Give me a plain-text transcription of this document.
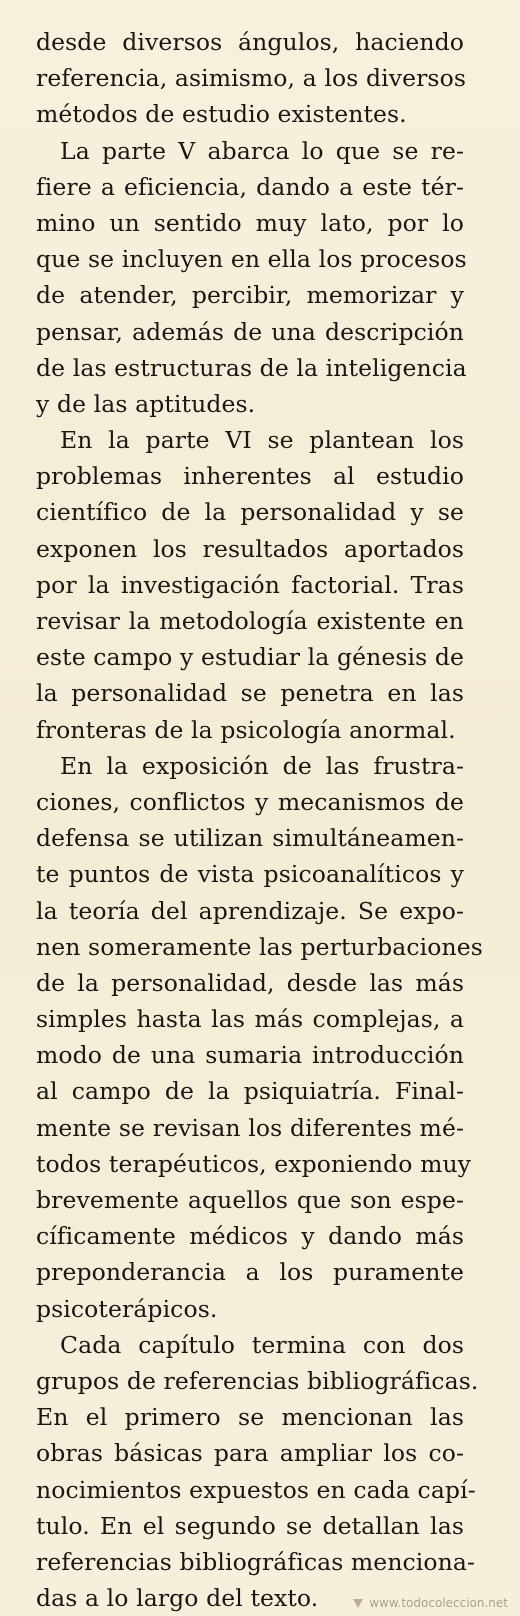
desde diversos ángulos, haciendo
referencia, asimismo, a los diversos
métodos de estudio existentes.
La parte V abarca lo que se re-
fiere a eficiencia, dando a este tér-
mino un sentido muy lato, por lo
que se incluyen en ella los procesos
de atender, percibir, memorizar y
pensar, además de una descripción
de las estructuras de la inteligencia
y de las aptitudes.
En la parte VI se plantean los
problemas inherentes al estudio
científico de la personalidad y se
exponen los resultados aportados
por la investigación factorial. Tras
revisar la metodología existente en
este campo y estudiar la génesis de
la personalidad se penetra en las
fronteras de la psicología anormal.
En la exposición de las frustra-
ciones, conflictos y mecanismos de
defensa se utilizan simultáneamen-
te puntos de vista psicoanalíticos y
la teoría del aprendizaje. Se expo-
nen someramente las perturbaciones
de la personalidad, desde las más
simples hasta las más complejas, a
modo de una sumaria introducción
al campo de la psiquiatría. Final-
mente se revisan los diferentes mé-
todos terapéuticos, exponiendo muy
brevemente aquellos que son espe-
cíficamente médicos y dando más
preponderancia a los puramente
psicoterápicos.
Cada capítulo termina con dos
grupos de referencias bibliográficas.
En el primero se mencionan las
obras básicas para ampliar los co-
nocimientos expuestos en cada capí-
tulo. En el segundo se detallan las
referencias bibliográficas menciona-
das a lo largo del texto.	www.todocoleccion.net
